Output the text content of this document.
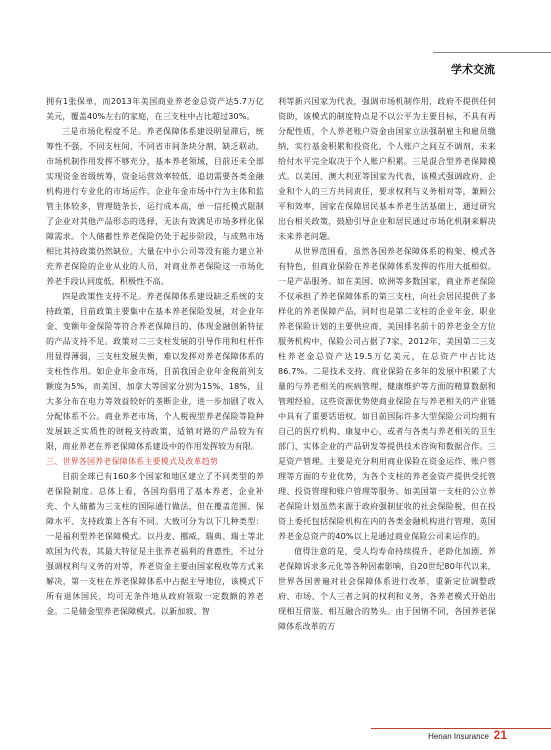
学术交流

拥有1张保单，而2013年美国商业养老金总资产达5.7万亿美元，覆盖40%左右的家庭，在三支柱中占比超过30%。

三是市场化程度不足。养老保障体系建设明显滞后，统筹性不强，不同支柱间、不同省市间条块分割，缺乏联动，市场机制作用发挥不够充分，基本养老领域，目前还未全部实现资金省级统筹，资金运营效率较低，追切需要各类金融机构进行专业化的市场运作。企业年金市场中行为主体和监管主体较多，管理链条长，运行成本高，单一信托模式限制了企业对其他产品形态的选择，无法有效满足市场多样化保障需求。个人储蓄性养老保险仍处于起步阶段，与成熟市场相比其持政策仍然缺位，大量在中小公司等没有能力建立补充养老保险的企业从业的人员，对商业养老保险这一市场化养老手段认同度低，积极性不高。

四是政策性支持不足。养老保障体系建设缺乏系统的支持政策，目前政策主要集中在基本养老保险发展，对企业年金、变额年金保险等符合养老保障目的、体现金融创新特征的产品支持不足。政策对二三支柱发展的引导作用和杠杆作用显得薄弱，三支柱发展失衡，难以发挥对养老保障体系的支柱性作用。如企业年金市场，目前我国企业年金税前列支额度为5%，而美国、加拿大等国家分别为15%、18%，且大多分布在电力等效益较好的垄断企业，进一步加剧了收入分配体系不公。商业养老市场，个人税视型养老保险等险种发展缺乏实质性的财税支持政策，适销对路的产品较为有限，商业养老在养老保障体系建设中的作用发挥较为有限。

三、世界各国养老保障体系主要模式及改革趋势

目前全球已有160多个国家和地区建立了不同类型的养老保险制度。总体上看，各国均倡用了基本养老、企业补充、个人储蓄为三支柱的国际通行做法，但在覆盖范围、保障水平、支持政策上各有不同。大致可分为以下几种类型：一是福利型养老保障模式。以丹麦、挪威、瑞典、瑞士等北欧国为代表，其最大特征是主张养老福利的普惠性，不过分强调权利与义务的对等，养老资金主要由国家税收等方式来解决，第一支柱在养老保障体系中占据主导地位，该模式下所有退休国民，均可无条件地从政府领取一定数额的养老金。二是储金型养老保障模式。以新加坡、智

利等新兴国家为代表，强调市场机制作用，政府不提供任何资助，该模式的制度特点是不以公平为主要目标，不具有再分配性质，个人养老账户资金由国家立法强制雇主和雇员缴纳，实行基金积累和投资化，个人账户之间互不调剂，未来给付水平完全取决于个人账户积累。三是混合型养老保障模式。以美国、澳大利亚等国家为代表，该模式强调政府、企业和个人的三方共同责任，要求权利与义务相对等，兼顾公平和效率，国家在保障居民基本养老生活基础上，通过研究出台相关政策，鼓励引导企业和居民通过市场化机制来解决未来养老问题。

从世界范围看，虽然各国养老保障体系的构架、模式各有特色，但商业保险在养老保障体系发挥的作用大抵相似。一是产品服务。如在美国、欧洲等多数国家，商业养老保险不仅承担了养老保障体系的第三支柱，向社会居民提供了多样化的养老保障产品，同时也是第二支柱的企业年金、职业养老保险计划的主要供应商，美国排名前十的养老金全方位服务机构中，保险公司占据了7家，2012年，美国第二三支柱养老金总资产达19.5万亿美元，在总资产中占比达86.7%。二是技术支持。商业保险在多年的发展中积累了大量的与养老相关的疾病管理、健康维护等方面的精算数据和管理经验，这些资源优势使商业保险在与养老相关的产业链中具有了重要话语权。如目前国际许多大型保险公司均拥有自己的医疗机构、康复中心，或者与各类与养老相关的卫生部门、实体企业的产品研发等提供技术咨询和数据合作。三是资产管理。主要是充分利用商业保险在资金运作、账户管理等方面的专业优势，为各个支柱的养老金资产提供受托管理、投资管理和账户管理等服务。如美国第一支柱的公立养老保险计划虽然来源于政府强制征收的社会保险税，但在投资上委托包括保险机构在内的各类金融机构进行管理，英国养老金总资产的40%以上是通过商业保险公司来运作的。

值得注意的是，受人均寿命持续提升、老龄化加剧、养老保障诉求多元化等各种因素影响，自20世纪80年代以来，世界各国普遍对社会保障体系进行改革，重新定位调整政府、市场、个人三者之间的权利和义务，各养老模式开始出现相互借鉴、相互融合的势头。由于国情不同，各国养老保障体系改革的方

Henan Insurance 21
